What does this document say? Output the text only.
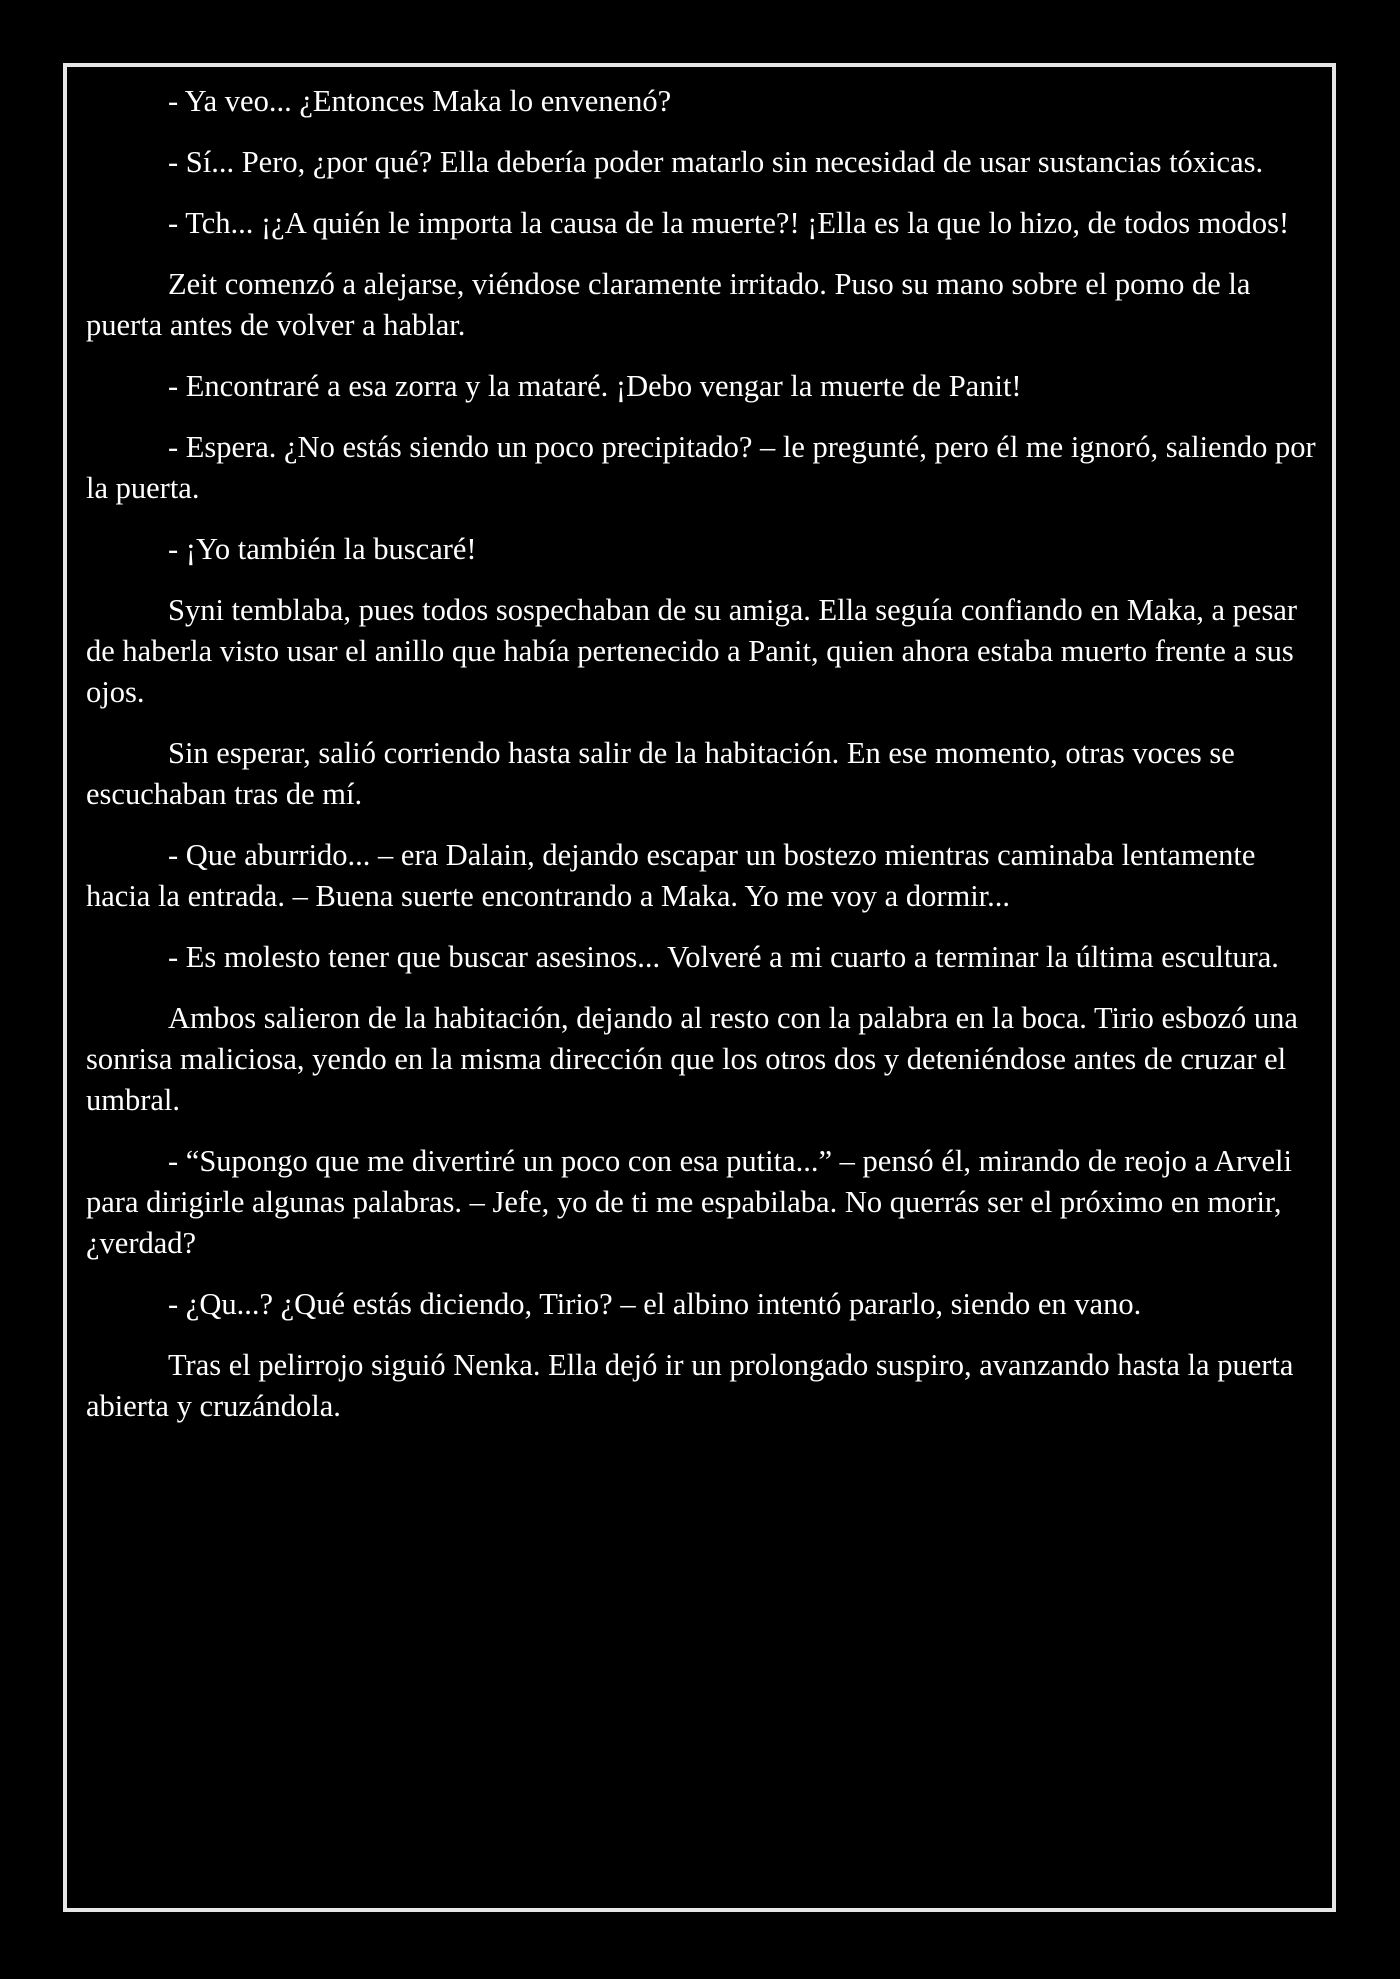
- Ya veo... ¿Entonces Maka lo envenenó?

- Sí... Pero, ¿por qué? Ella debería poder matarlo sin necesidad de usar sustancias tóxicas.

- Tch... ¡¿A quién le importa la causa de la muerte?! ¡Ella es la que lo hizo, de todos modos!

Zeit comenzó a alejarse, viéndose claramente irritado. Puso su mano sobre el pomo de la puerta antes de volver a hablar.

- Encontraré a esa zorra y la mataré. ¡Debo vengar la muerte de Panit!

- Espera. ¿No estás siendo un poco precipitado? – le pregunté, pero él me ignoró, saliendo por la puerta.

- ¡Yo también la buscaré!

Syni temblaba, pues todos sospechaban de su amiga. Ella seguía confiando en Maka, a pesar de haberla visto usar el anillo que había pertenecido a Panit, quien ahora estaba muerto frente a sus ojos.

Sin esperar, salió corriendo hasta salir de la habitación. En ese momento, otras voces se escuchaban tras de mí.

- Que aburrido... – era Dalain, dejando escapar un bostezo mientras caminaba lentamente hacia la entrada. – Buena suerte encontrando a Maka. Yo me voy a dormir...

- Es molesto tener que buscar asesinos... Volveré a mi cuarto a terminar la última escultura.

Ambos salieron de la habitación, dejando al resto con la palabra en la boca. Tirio esbozó una sonrisa maliciosa, yendo en la misma dirección que los otros dos y deteniéndose antes de cruzar el umbral.

- “Supongo que me divertiré un poco con esa putita...” – pensó él, mirando de reojo a Arveli para dirigirle algunas palabras. – Jefe, yo de ti me espabilaba. No querrás ser el próximo en morir, ¿verdad?

- ¿Qu...? ¿Qué estás diciendo, Tirio? – el albino intentó pararlo, siendo en vano.

Tras el pelirrojo siguió Nenka. Ella dejó ir un prolongado suspiro, avanzando hasta la puerta abierta y cruzándola.
